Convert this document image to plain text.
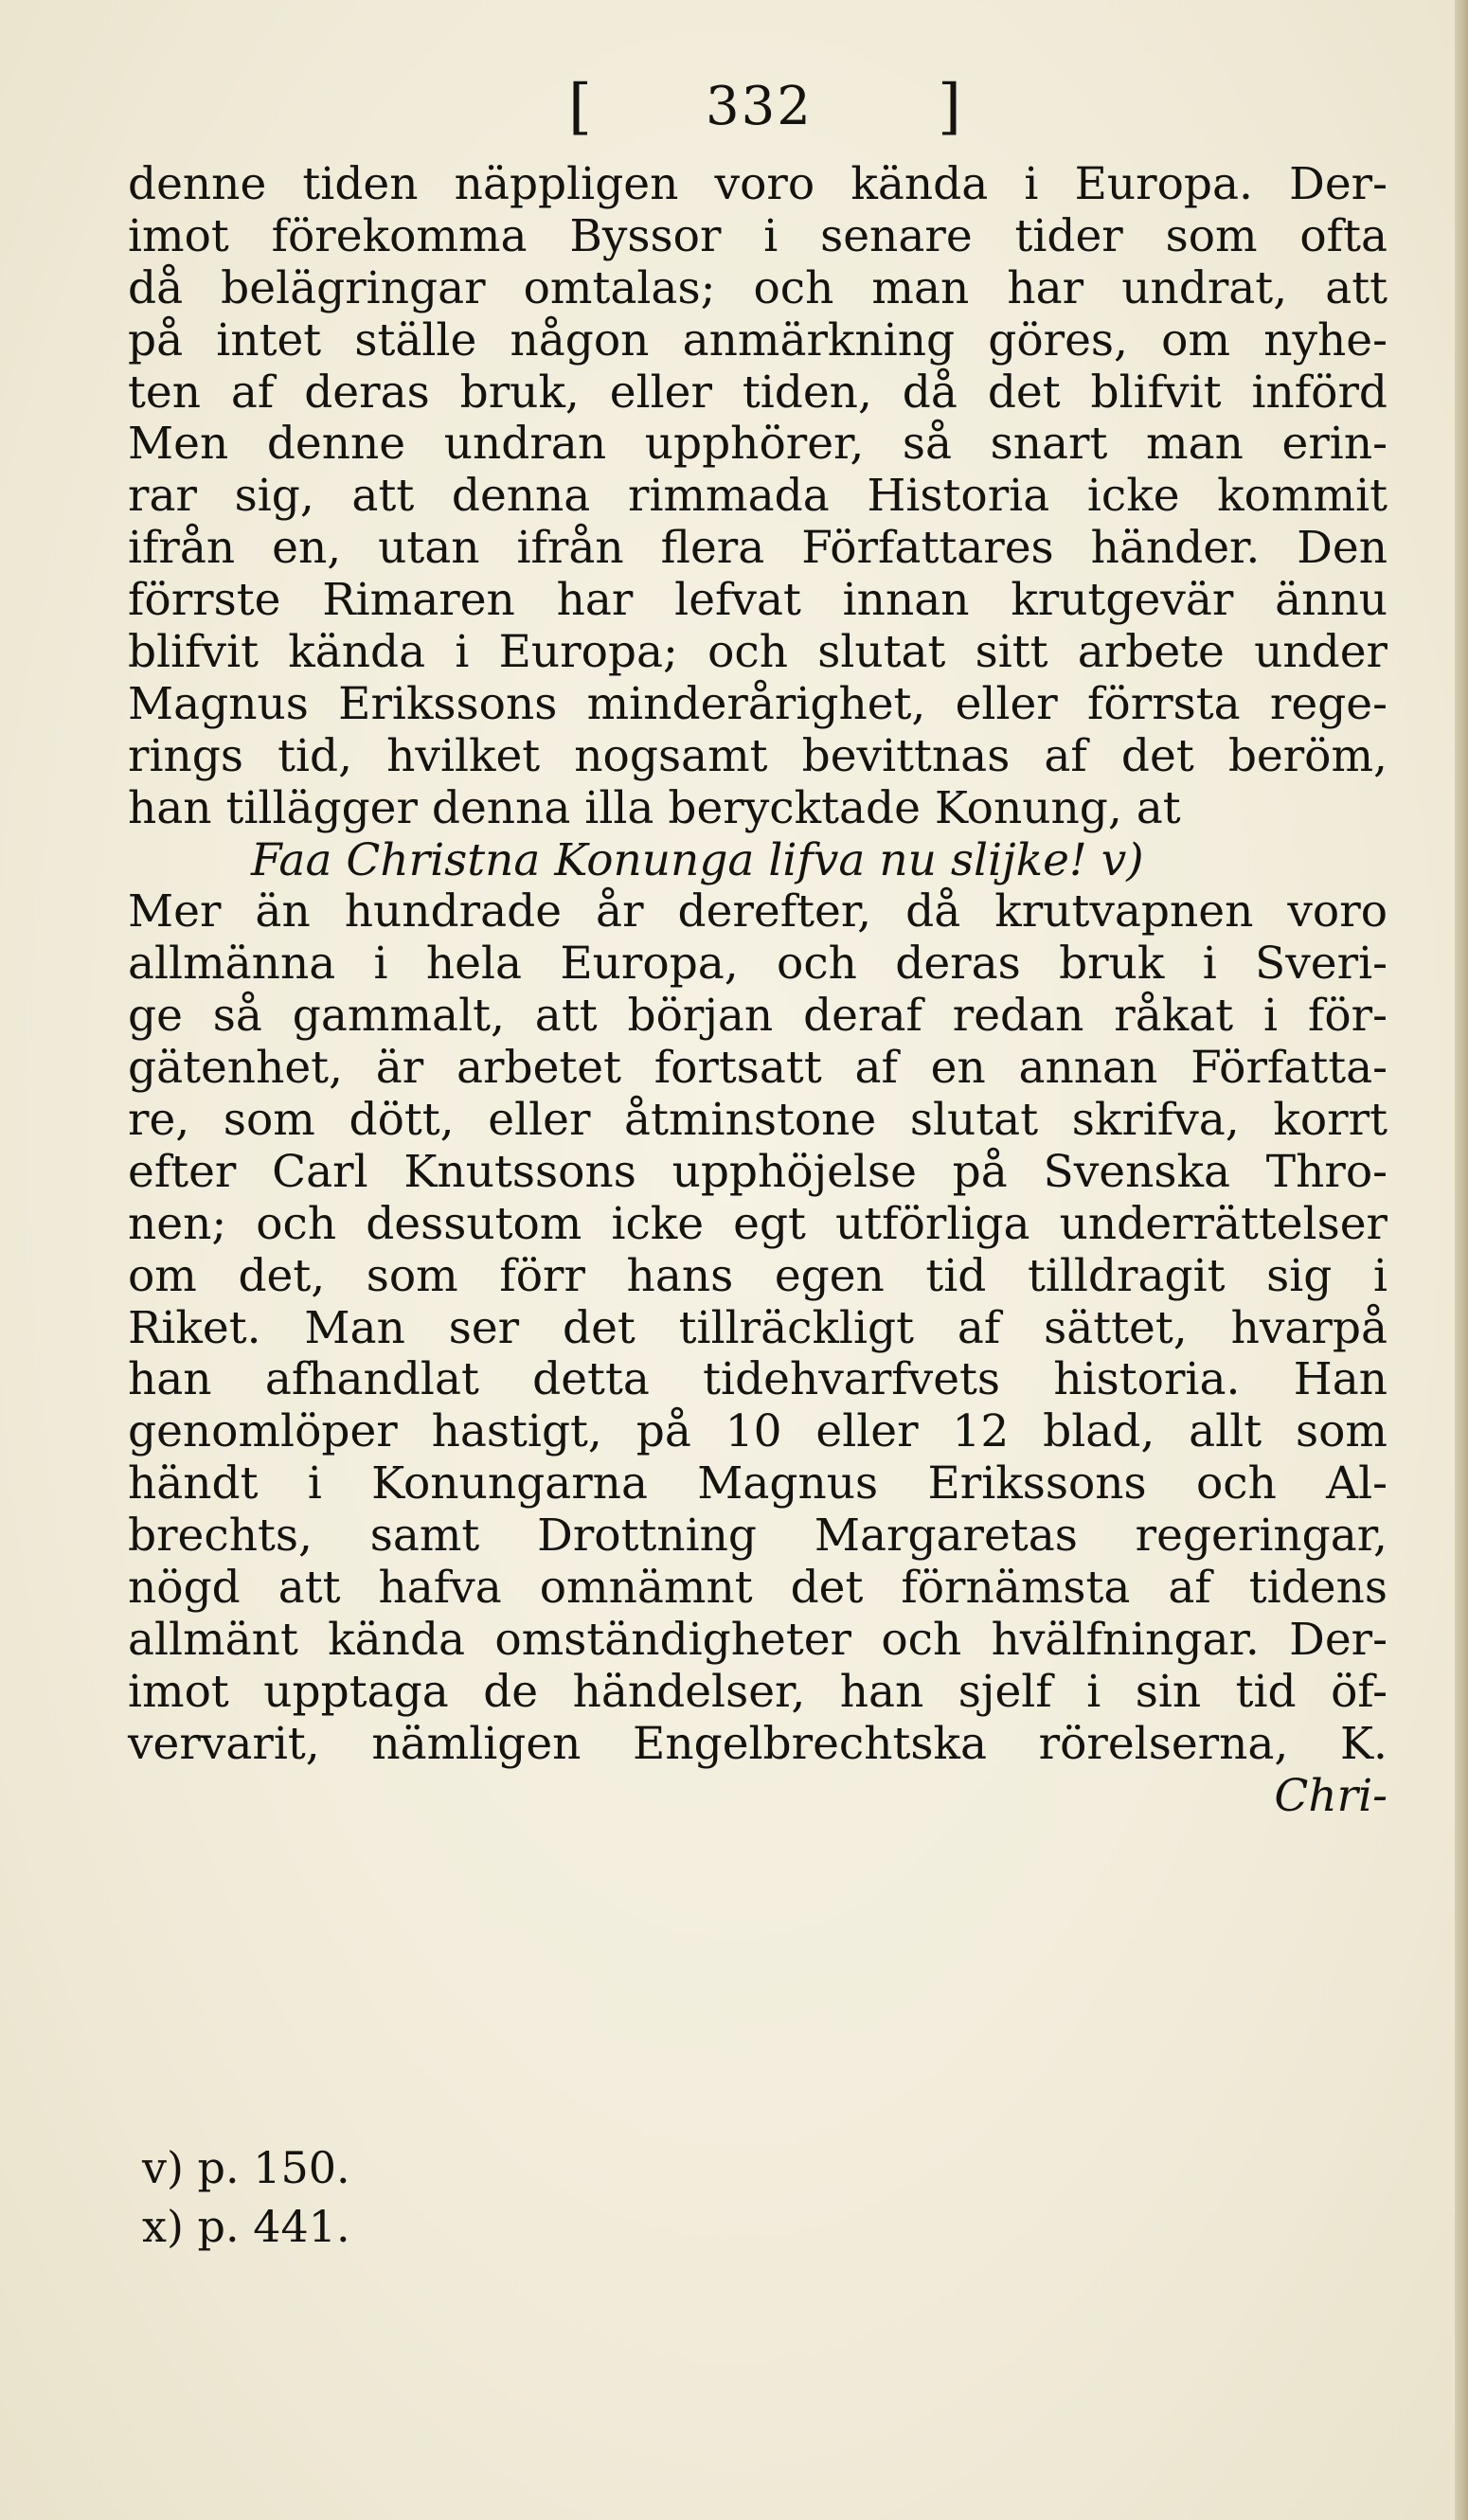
[ 332 ]
denne tiden näppligen voro kända i Europa. Der-
imot förekomma Byssor i senare tider som ofta
då belägringar omtalas; och man har undrat, att
på intet ställe någon anmärkning göres, om nyhe-
ten af deras bruk, eller tiden, då det blifvit införd
Men denne undran upphörer, så snart man erin-
rar sig, att denna rimmada Historia icke kommit
ifrån en, utan ifrån flera Författares händer. Den
förrste Rimaren har lefvat innan krutgevär ännu
blifvit kända i Europa; och slutat sitt arbete under
Magnus Erikssons minderårighet, eller förrsta rege-
rings tid, hvilket nogsamt bevittnas af det beröm,
han tillägger denna illa berycktade Konung, at
Faa Christna Konunga lifva nu slijke! v)
Mer än hundrade år derefter, då krutvapnen voro
allmänna i hela Europa, och deras bruk i Sveri-
ge så gammalt, att början deraf redan råkat i för-
gätenhet, är arbetet fortsatt af en annan Författa-
re, som dött, eller åtminstone slutat skrifva, korrt
efter Carl Knutssons upphöjelse på Svenska Thro-
nen; och dessutom icke egt utförliga underrättelser
om det, som förr hans egen tid tilldragit sig i
Riket. Man ser det tillräckligt af sättet, hvarpå
han afhandlat detta tidehvarfvets historia. Han
genomlöper hastigt, på 10 eller 12 blad, allt som
händt i Konungarna Magnus Erikssons och Al-
brechts, samt Drottning Margaretas regeringar,
nögd att hafva omnämnt det förnämsta af tidens
allmänt kända omständigheter och hvälfningar. Der-
imot upptaga de händelser, han sjelf i sin tid öf-
vervarit, nämligen Engelbrechtska rörelserna, K.
Chri-
v) p. 150.
x) p. 441.
